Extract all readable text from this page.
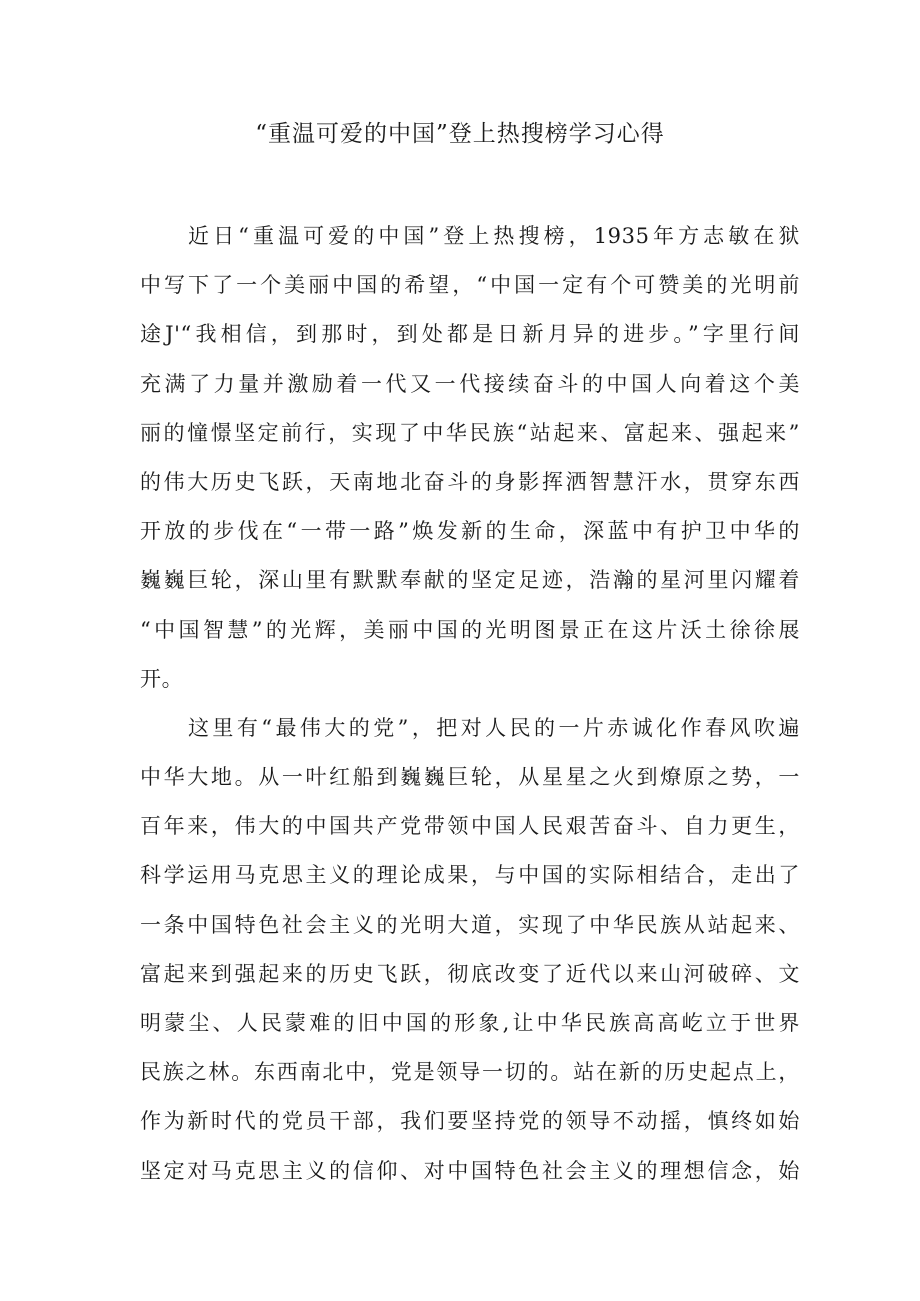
“重温可爱的中国”登上热搜榜学习心得
近日“重温可爱的中国”登上热搜榜，1935年方志敏在狱
中写下了一个美丽中国的希望，“中国一定有个可赞美的光明前
途J'“我相信，到那时，到处都是日新月异的进步。”字里行间
充满了力量并激励着一代又一代接续奋斗的中国人向着这个美
丽的憧憬坚定前行，实现了中华民族“站起来、富起来、强起来”
的伟大历史飞跃，天南地北奋斗的身影挥洒智慧汗水，贯穿东西
开放的步伐在“一带一路”焕发新的生命，深蓝中有护卫中华的
巍巍巨轮，深山里有默默奉献的坚定足迹，浩瀚的星河里闪耀着
“中国智慧”的光辉，美丽中国的光明图景正在这片沃土徐徐展
开。
这里有“最伟大的党”，把对人民的一片赤诚化作春风吹遍
中华大地。从一叶红船到巍巍巨轮，从星星之火到燎原之势，一
百年来，伟大的中国共产党带领中国人民艰苦奋斗、自力更生，
科学运用马克思主义的理论成果，与中国的实际相结合，走出了
一条中国特色社会主义的光明大道，实现了中华民族从站起来、
富起来到强起来的历史飞跃，彻底改变了近代以来山河破碎、文
明蒙尘、人民蒙难的旧中国的形象,让中华民族高高屹立于世界
民族之林。东西南北中，党是领导一切的。站在新的历史起点上，
作为新时代的党员干部，我们要坚持党的领导不动摇，慎终如始
坚定对马克思主义的信仰、对中国特色社会主义的理想信念，始
